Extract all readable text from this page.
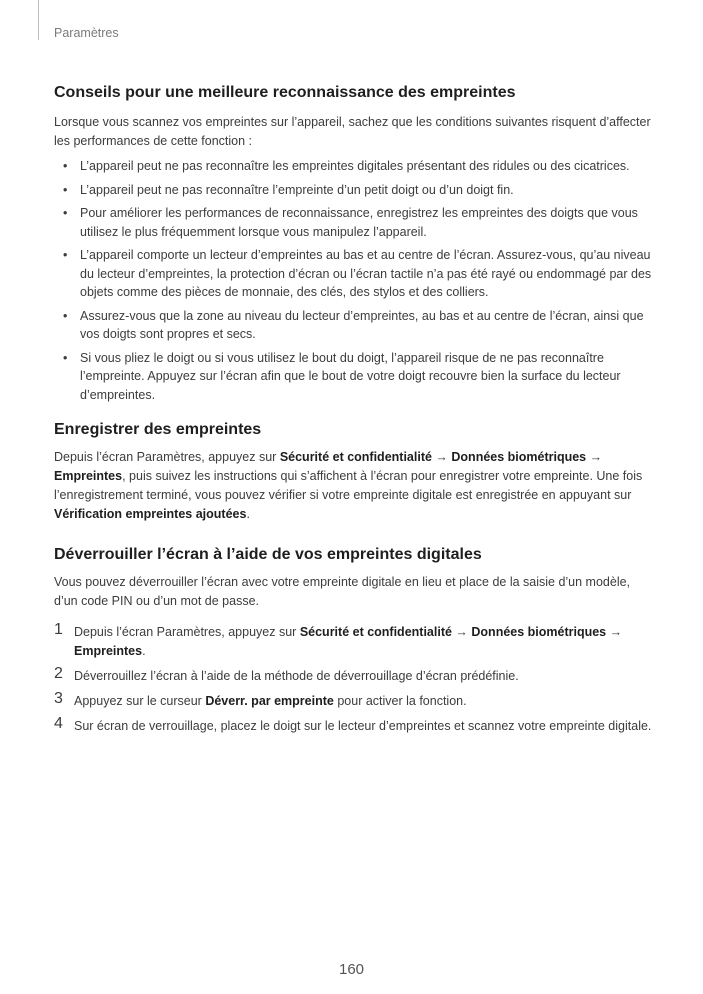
Paramètres
Conseils pour une meilleure reconnaissance des empreintes

Lorsque vous scannez vos empreintes sur l’appareil, sachez que les conditions suivantes risquent d’affecter les performances de cette fonction :

• L’appareil peut ne pas reconnaître les empreintes digitales présentant des ridules ou des cicatrices.
• L’appareil peut ne pas reconnaître l’empreinte d’un petit doigt ou d’un doigt fin.
• Pour améliorer les performances de reconnaissance, enregistrez les empreintes des doigts que vous utilisez le plus fréquemment lorsque vous manipulez l’appareil.
• L’appareil comporte un lecteur d’empreintes au bas et au centre de l’écran. Assurez-vous, qu’au niveau du lecteur d’empreintes, la protection d’écran ou l’écran tactile n’a pas été rayé ou endommagé par des objets comme des pièces de monnaie, des clés, des stylos et des colliers.
• Assurez-vous que la zone au niveau du lecteur d’empreintes, au bas et au centre de l’écran, ainsi que vos doigts sont propres et secs.
• Si vous pliez le doigt ou si vous utilisez le bout du doigt, l’appareil risque de ne pas reconnaître l’empreinte. Appuyez sur l’écran afin que le bout de votre doigt recouvre bien la surface du lecteur d’empreintes.
Enregistrer des empreintes

Depuis l’écran Paramètres, appuyez sur Sécurité et confidentialité → Données biométriques → Empreintes, puis suivez les instructions qui s’affichent à l’écran pour enregistrer votre empreinte. Une fois l’enregistrement terminé, vous pouvez vérifier si votre empreinte digitale est enregistrée en appuyant sur Vérification empreintes ajoutées.

Déverrouiller l’écran à l’aide de vos empreintes digitales

Vous pouvez déverrouiller l’écran avec votre empreinte digitale en lieu et place de la saisie d’un modèle, d’un code PIN ou d’un mot de passe.

1 Depuis l’écran Paramètres, appuyez sur Sécurité et confidentialité → Données biométriques → Empreintes.
2 Déverrouillez l’écran à l’aide de la méthode de déverrouillage d’écran prédéfinie.
3 Appuyez sur le curseur Déverr. par empreinte pour activer la fonction.
4 Sur écran de verrouillage, placez le doigt sur le lecteur d’empreintes et scannez votre empreinte digitale.
160
